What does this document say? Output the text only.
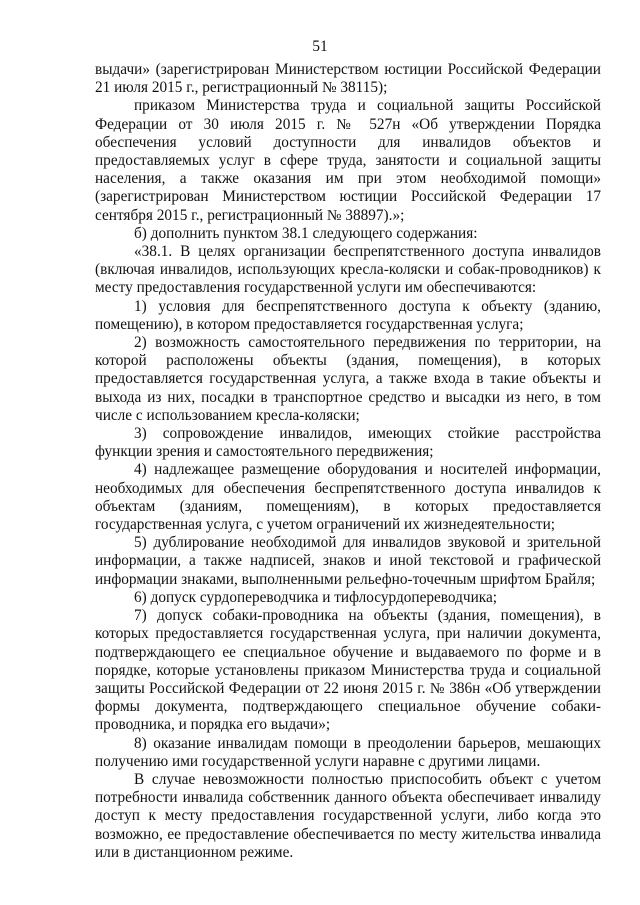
51

выдачи» (зарегистрирован Министерством юстиции Российской Федерации 21 июля 2015 г., регистрационный № 38115);

приказом Министерства труда и социальной защиты Российской Федерации от 30 июля 2015 г. № 527н «Об утверждении Порядка обеспечения условий доступности для инвалидов объектов и предоставляемых услуг в сфере труда, занятости и социальной защиты населения, а также оказания им при этом необходимой помощи» (зарегистрирован Министерством юстиции Российской Федерации 17 сентября 2015 г., регистрационный № 38897).»;

б) дополнить пунктом 38.1 следующего содержания:

«38.1. В целях организации беспрепятственного доступа инвалидов (включая инвалидов, использующих кресла-коляски и собак-проводников) к месту предоставления государственной услуги им обеспечиваются:

1) условия для беспрепятственного доступа к объекту (зданию, помещению), в котором предоставляется государственная услуга;

2) возможность самостоятельного передвижения по территории, на которой расположены объекты (здания, помещения), в которых предоставляется государственная услуга, а также входа в такие объекты и выхода из них, посадки в транспортное средство и высадки из него, в том числе с использованием кресла-коляски;

3) сопровождение инвалидов, имеющих стойкие расстройства функции зрения и самостоятельного передвижения;

4) надлежащее размещение оборудования и носителей информации, необходимых для обеспечения беспрепятственного доступа инвалидов к объектам (зданиям, помещениям), в которых предоставляется государственная услуга, с учетом ограничений их жизнедеятельности;

5) дублирование необходимой для инвалидов звуковой и зрительной информации, а также надписей, знаков и иной текстовой и графической информации знаками, выполненными рельефно-точечным шрифтом Брайля;

6) допуск сурдопереводчика и тифлосурдопереводчика;

7) допуск собаки-проводника на объекты (здания, помещения), в которых предоставляется государственная услуга, при наличии документа, подтверждающего ее специальное обучение и выдаваемого по форме и в порядке, которые установлены приказом Министерства труда и социальной защиты Российской Федерации от 22 июня 2015 г. № 386н «Об утверждении формы документа, подтверждающего специальное обучение собаки-проводника, и порядка его выдачи»;

8) оказание инвалидам помощи в преодолении барьеров, мешающих получению ими государственной услуги наравне с другими лицами.

В случае невозможности полностью приспособить объект с учетом потребности инвалида собственник данного объекта обеспечивает инвалиду доступ к месту предоставления государственной услуги, либо когда это возможно, ее предоставление обеспечивается по месту жительства инвалида или в дистанционном режиме.
